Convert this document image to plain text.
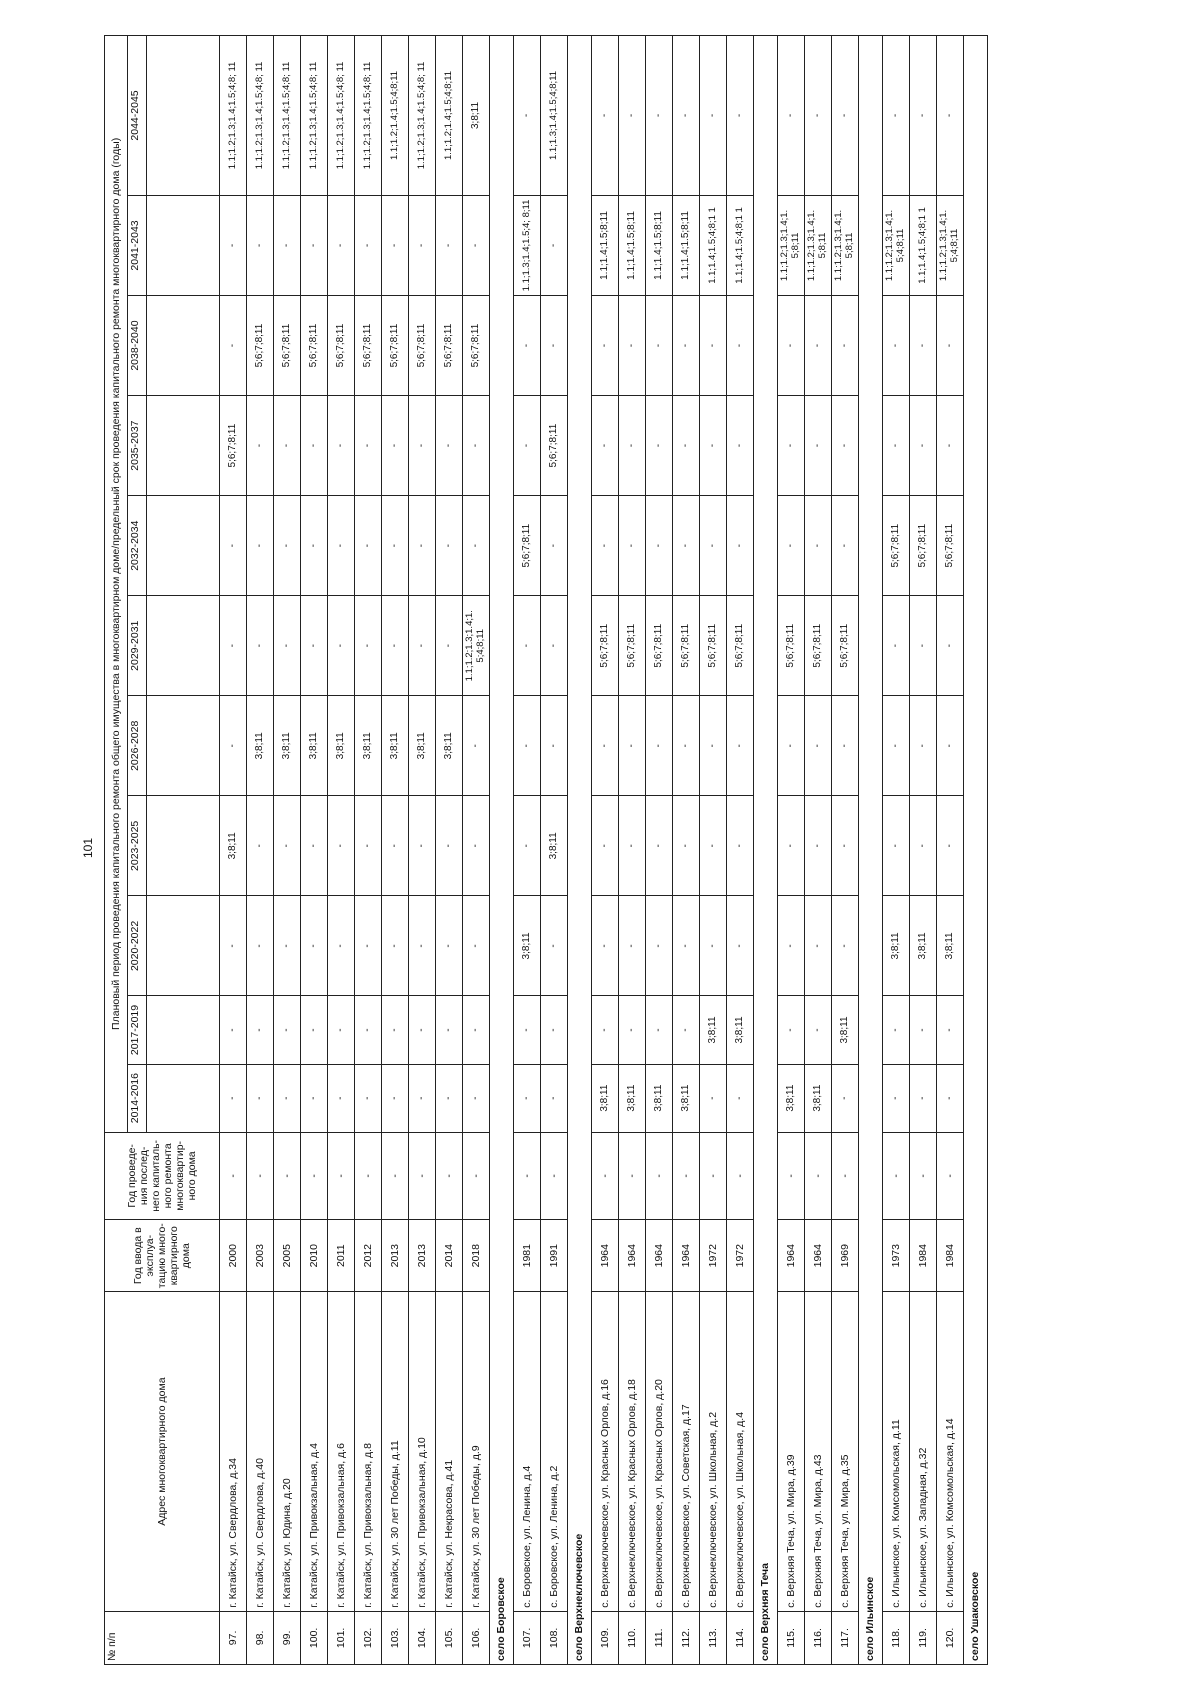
101
№ п/п	Адрес многоквартирного дома	Год ввода в эксплуа- тацию много- квартирного дома	Год проведе- ния послед- него капиталь- ного ремонта многоквартир- ного дома	Плановый период проведения капитального ремонта общего имущества в многоквартирном доме/предельный срок проведения капитального ремонта многоквартирного дома (годы)										
				2014-2016	2017-2019	2020-2022	2023-2025	2026-2028	2029-2031	2032-2034	2035-2037	2038-2040	2041-2043	2044-2045

97.	г. Катайск, ул. Свердлова, д.34	2000	-	-	-	-	3;8;11	-	-	-	5;6;7;8;11	-	-	1.1;1.2;1.3;1.4;1.5;4;8; 11
98.	г. Катайск, ул. Свердлова, д.40	2003	-	-	-	-	-	3;8;11	-	-	-	5;6;7;8;11	-	1.1;1.2;1.3;1.4;1.5;4;8; 11
99.	г. Катайск, ул. Юдина, д.20	2005	-	-	-	-	-	3;8;11	-	-	-	5;6;7;8;11	-	1.1;1.2;1.3;1.4;1.5;4;8; 11
100.	г. Катайск, ул. Привокзальная, д.4	2010	-	-	-	-	-	3;8;11	-	-	-	5;6;7;8;11	-	1.1;1.2;1.3;1.4;1.5;4;8; 11
101.	г. Катайск, ул. Привокзальная, д.6	2011	-	-	-	-	-	3;8;11	-	-	-	5;6;7;8;11	-	1.1;1.2;1.3;1.4;1.5;4;8; 11
102.	г. Катайск, ул. Привокзальная, д.8	2012	-	-	-	-	-	3;8;11	-	-	-	5;6;7;8;11	-	1.1;1.2;1.3;1.4;1.5;4;8; 11
103.	г. Катайск, ул. 30 лет Победы, д.11	2013	-	-	-	-	-	3;8;11	-	-	-	5;6;7;8;11	-	1.1;1.2;1.4;1.5;4;8;11
104.	г. Катайск, ул. Привокзальная, д.10	2013	-	-	-	-	-	3;8;11	-	-	-	5;6;7;8;11	-	1.1;1.2;1.3;1.4;1.5;4;8; 11
105.	г. Катайск, ул. Некрасова, д.41	2014	-	-	-	-	-	3;8;11	-	-	-	5;6;7;8;11	-	1.1;1.2;1.4;1.5;4;8;11
106.	г. Катайск, ул. 30 лет Победы, д.9	2018	-	-	-	-	-	-	1.1;1.2;1.3;1.4;1. 5;4;8;11	-	-	5;6;7;8;11	-	3;8;11
село Боровское														
107.	с. Боровское, ул. Ленина, д.4	1981	-	-	-	3;8;11	-	-	-	5;6;7;8;11	-	-	1.1;1.3;1.4;1.5;4; 8;11	-
108.	с. Боровское, ул. Ленина, д.2	1991	-	-	-	-	3;8;11	-	-	-	5;6;7;8;11	-	-	1.1;1.3;1.4;1.5;4;8;11
село Верхнеключевское														
109.	с. Верхнеключевское, ул. Красных Орлов, д.16	1964	-	3;8;11	-	-	-	-	5;6;7;8;11	-	-	-	1.1;1.4;1.5;8;11	-
110.	с. Верхнеключевское, ул. Красных Орлов, д.18	1964	-	3;8;11	-	-	-	-	5;6;7;8;11	-	-	-	1.1;1.4;1.5;8;11	-
111.	с. Верхнеключевское, ул. Красных Орлов, д.20	1964	-	3;8;11	-	-	-	-	5;6;7;8;11	-	-	-	1.1;1.4;1.5;8;11	-
112.	с. Верхнеключевское, ул. Советская, д.17	1964	-	3;8;11	-	-	-	-	5;6;7;8;11	-	-	-	1.1;1.4;1.5;8;11	-
113.	с. Верхнеключевское, ул. Школьная, д.2	1972	-	-	3;8;11	-	-	-	5;6;7;8;11	-	-	-	1.1;1.4;1.5;4;8;1 1	-
114.	с. Верхнеключевское, ул. Школьная, д.4	1972	-	-	3;8;11	-	-	-	5;6;7;8;11	-	-	-	1.1;1.4;1.5;4;8;1 1	-
село Верхняя Теча														
115.	с. Верхняя Теча, ул. Мира, д.39	1964	-	3;8;11	-	-	-	-	5;6;7;8;11	-	-	-	1.1;1.2;1.3;1.4;1. 5;8;11	-
116.	с. Верхняя Теча, ул. Мира, д.43	1964	-	3;8;11	-	-	-	-	5;6;7;8;11	-	-	-	1.1;1.2;1.3;1.4;1. 5;8;11	-
117.	с. Верхняя Теча, ул. Мира, д.35	1969	-	-	3;8;11	-	-	-	5;6;7;8;11	-	-	-	1.1;1.2;1.3;1.4;1. 5;8;11	-
село Ильинское														
118.	с. Ильинское, ул. Комсомольская, д.11	1973	-	-	-	3;8;11	-	-	-	5;6;7;8;11	-	-	1.1;1.2;1.3;1.4;1. 5;4;8;11	-
119.	с. Ильинское, ул. Западная, д.32	1984	-	-	-	3;8;11	-	-	-	5;6;7;8;11	-	-	1.1;1.4;1.5;4;8;1 1	-
120.	с. Ильинское, ул. Комсомольская, д.14	1984	-	-	-	3;8;11	-	-	-	5;6;7;8;11	-	-	1.1;1.2;1.3;1.4;1. 5;4;8;11	-
село Ушаковское														
